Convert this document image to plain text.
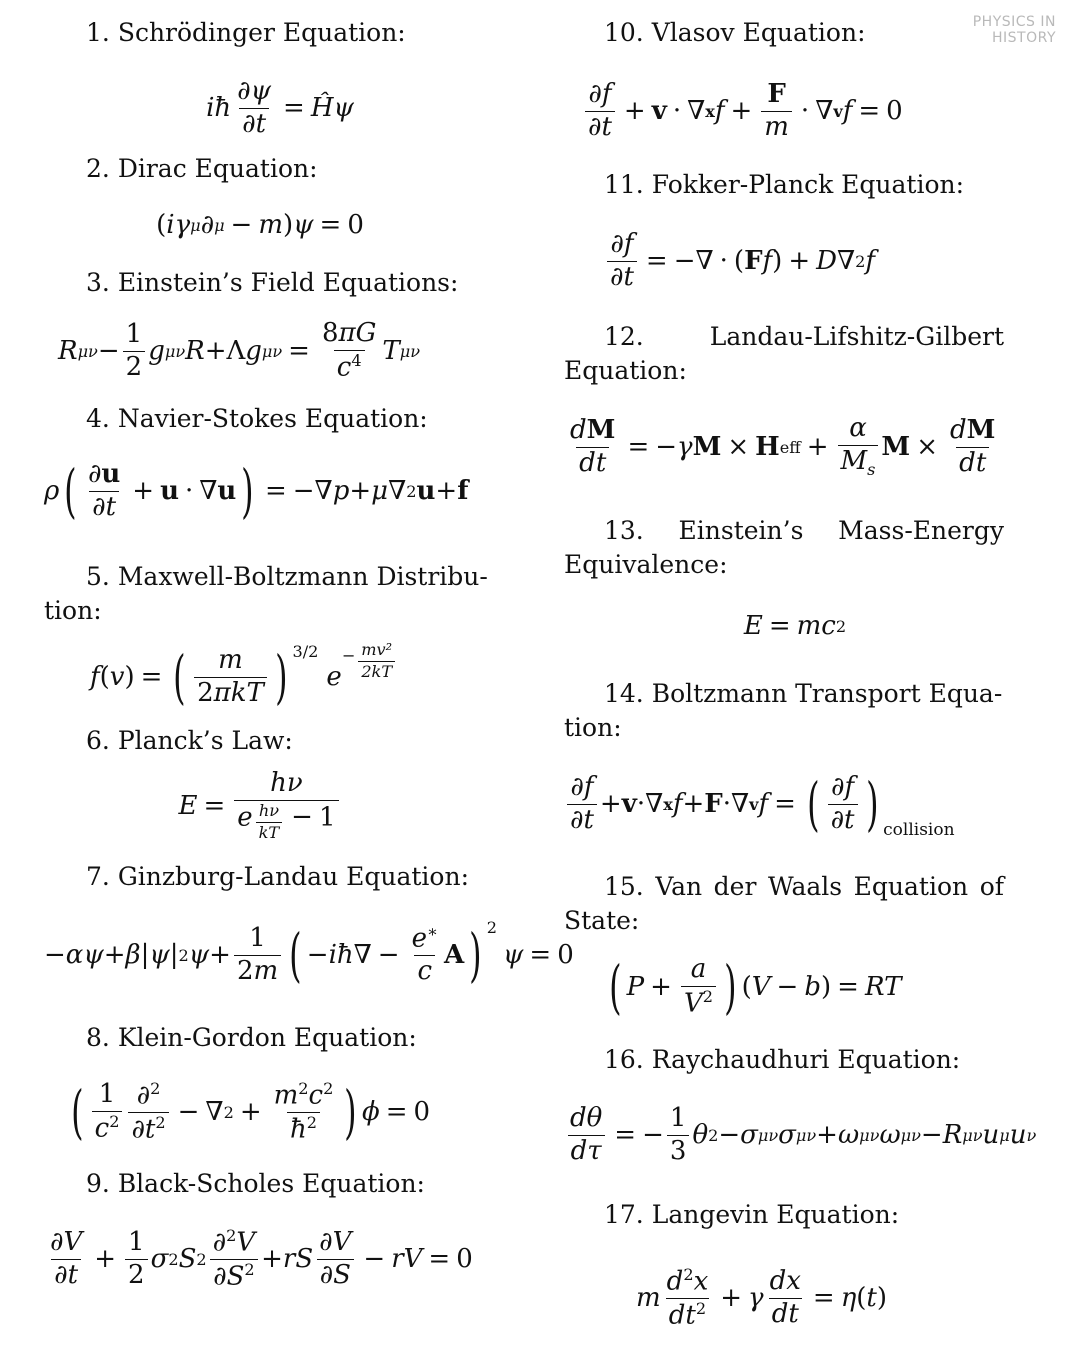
PHYSICS IN
HISTORY
1. Schrödinger Equation:
iħ $\frac{\partial\psi}{\partial t}$ = Ĥψ
2. Dirac Equation:
( iγ μ ∂ μ − m ) ψ = 0
3. Einstein’s Field Equations:
R $\mu\nu - \frac{1}{2}$ g μν R +Λ g $\mu\nu = \frac{8\pi G}{c^4}$ T μν
4. Navier-Stokes Equation:
ρ ( ∂u
∂t
+ u · ∇ u ) = −∇ p + μ ∇ 2 u + f
5. Maxwell-Boltzmann Distribu- tion:
f ( v ) = ( m
2πkT ) 3/2
e
− $\frac{\text{mv²}}{2kT}$
6. Planck’s Law:
E =
hν
e $\frac{h\nu}{kT} - 1$
7. Ginzburg-Landau Equation:
− αψ + β | ψ | 2 $\psi + \frac{1}{2m}$ ( − iħ ∇ − $\frac{e^∗}{c}$ A ) 2
ψ = 0
8. Klein-Gordon Equation:
( 1
$c^2$
∂$^2$
$\partial t^2$ − ∇ $2 + \frac{m^2c^2}{ħ^2}$ ) ϕ = 0
9. Black-Scholes Equation:
∂V
∂t
+ $\frac{1}{2}$ σ 2 S 2
∂$^2$V
$\partial S^2$ + rS
∂V
∂S
− rV = 0
10. Vlasov Equation:
∂f
∂t
+ v · ∇ x $f + \frac{F}{m}$ · ∇ v f = 0
11. Fokker-Planck Equation:
$\frac{\partial f}{\partial t}$ = −∇ · ( F f ) + D ∇ 2 f
12.	Landau-Lifshitz-Gilbert Equation:
$\frac{dM}{dt}$ = − γ M × H eff + $\frac{\alpha}{M_s}$ $M \times \frac{dM}{dt}$
13. Einstein’s Mass-Energy Equivalence:
E = mc 2
14. Boltzmann Transport Equa- tion:
∂f
∂t
+ v ·∇ x f + F ·∇ v f = ( ∂f
∂t ) collision
15. Van der Waals Equation of State:
( $P + \frac{a}{V^2}$ ) ( V − b ) = RT
16. Raychaudhuri Equation:
$\frac{d\theta}{d\tau}$ = − $\frac{1}{3}$ θ 2 − σ μν σ μν + ω μν ω μν − R μν u μ u ν
17. Langevin Equation:
m
$d^2x$
$dt^2 + \gamma \frac{dx}{dt} = \eta$ ( t )
